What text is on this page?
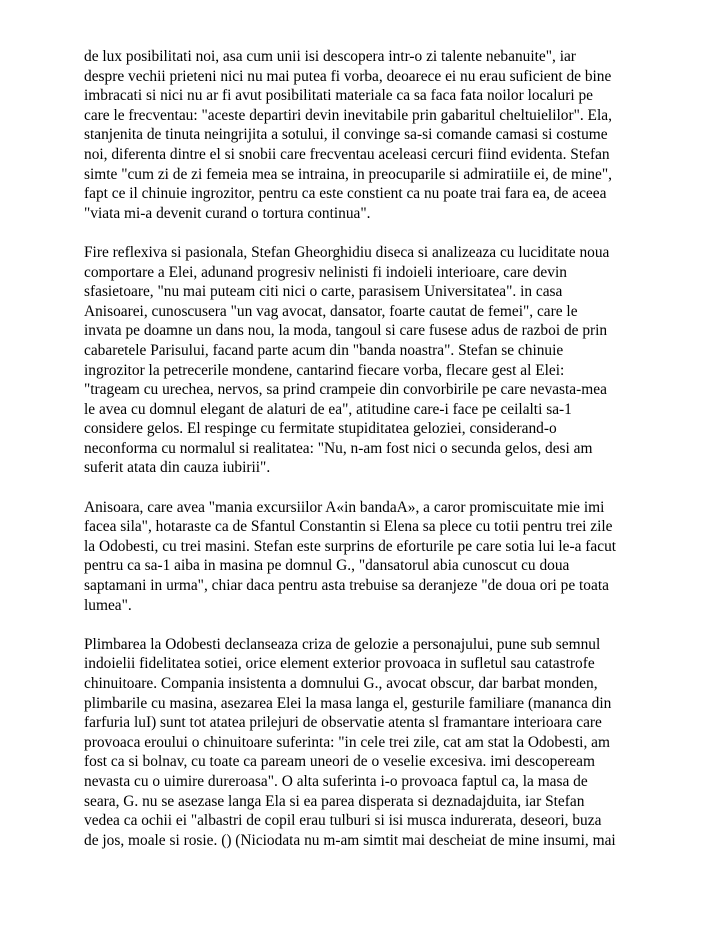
de lux posibilitati noi, asa cum unii isi descopera intr-o zi talente nebanuite", iar
despre vechii prieteni nici nu mai putea fi vorba, deoarece ei nu erau suficient de bine
imbracati si nici nu ar fi avut posibilitati materiale ca sa faca fata noilor localuri pe
care le frecventau: "aceste departiri devin inevitabile prin gabaritul cheltuielilor". Ela,
stanjenita de tinuta neingrijita a sotului, il convinge sa-si comande camasi si costume
noi, diferenta dintre el si snobii care frecventau aceleasi cercuri fiind evidenta. Stefan
simte "cum zi de zi femeia mea se intraina, in preocuparile si admiratiile ei, de mine",
fapt ce il chinuie ingrozitor, pentru ca este constient ca nu poate trai fara ea, de aceea
"viata mi-a devenit curand o tortura continua".
Fire reflexiva si pasionala, Stefan Gheorghidiu diseca si analizeaza cu luciditate noua
comportare a Elei, adunand progresiv nelinisti fi indoieli interioare, care devin
sfasietoare, "nu mai puteam citi nici o carte, parasisem Universitatea". in casa
Anisoarei, cunoscusera "un vag avocat, dansator, foarte cautat de femei", care le
invata pe doamne un dans nou, la moda, tangoul si care fusese adus de razboi de prin
cabaretele Parisului, facand parte acum din "banda noastra". Stefan se chinuie
ingrozitor la petrecerile mondene, cantarind fiecare vorba, flecare gest al Elei:
"trageam cu urechea, nervos, sa prind crampeie din convorbirile pe care nevasta-mea
le avea cu domnul elegant de alaturi de ea", atitudine care-i face pe ceilalti sa-1
considere gelos. El respinge cu fermitate stupiditatea geloziei, considerand-o
neconforma cu normalul si realitatea: "Nu, n-am fost nici o secunda gelos, desi am
suferit atata din cauza iubirii".
Anisoara, care avea "mania excursiilor A«in bandaA», a caror promiscuitate mie imi
facea sila", hotaraste ca de Sfantul Constantin si Elena sa plece cu totii pentru trei zile
la Odobesti, cu trei masini. Stefan este surprins de eforturile pe care sotia lui le-a facut
pentru ca sa-1 aiba in masina pe domnul G., "dansatorul abia cunoscut cu doua
saptamani in urma", chiar daca pentru asta trebuise sa deranjeze "de doua ori pe toata
lumea".
Plimbarea la Odobesti declanseaza criza de gelozie a personajului, pune sub semnul
indoielii fidelitatea sotiei, orice element exterior provoaca in sufletul sau catastrofe
chinuitoare. Compania insistenta a domnului G., avocat obscur, dar barbat monden,
plimbarile cu masina, asezarea Elei la masa langa el, gesturile familiare (mananca din
farfuria luI) sunt tot atatea prilejuri de observatie atenta sl framantare interioara care
provoaca eroului o chinuitoare suferinta: "in cele trei zile, cat am stat la Odobesti, am
fost ca si bolnav, cu toate ca paream uneori de o veselie excesiva. imi descopeream
nevasta cu o uimire dureroasa". O alta suferinta i-o provoaca faptul ca, la masa de
seara, G. nu se asezase langa Ela si ea parea disperata si deznadajduita, iar Stefan
vedea ca ochii ei "albastri de copil erau tulburi si isi musca indurerata, deseori, buza
de jos, moale si rosie. () (Niciodata nu m-am simtit mai descheiat de mine insumi, mai
